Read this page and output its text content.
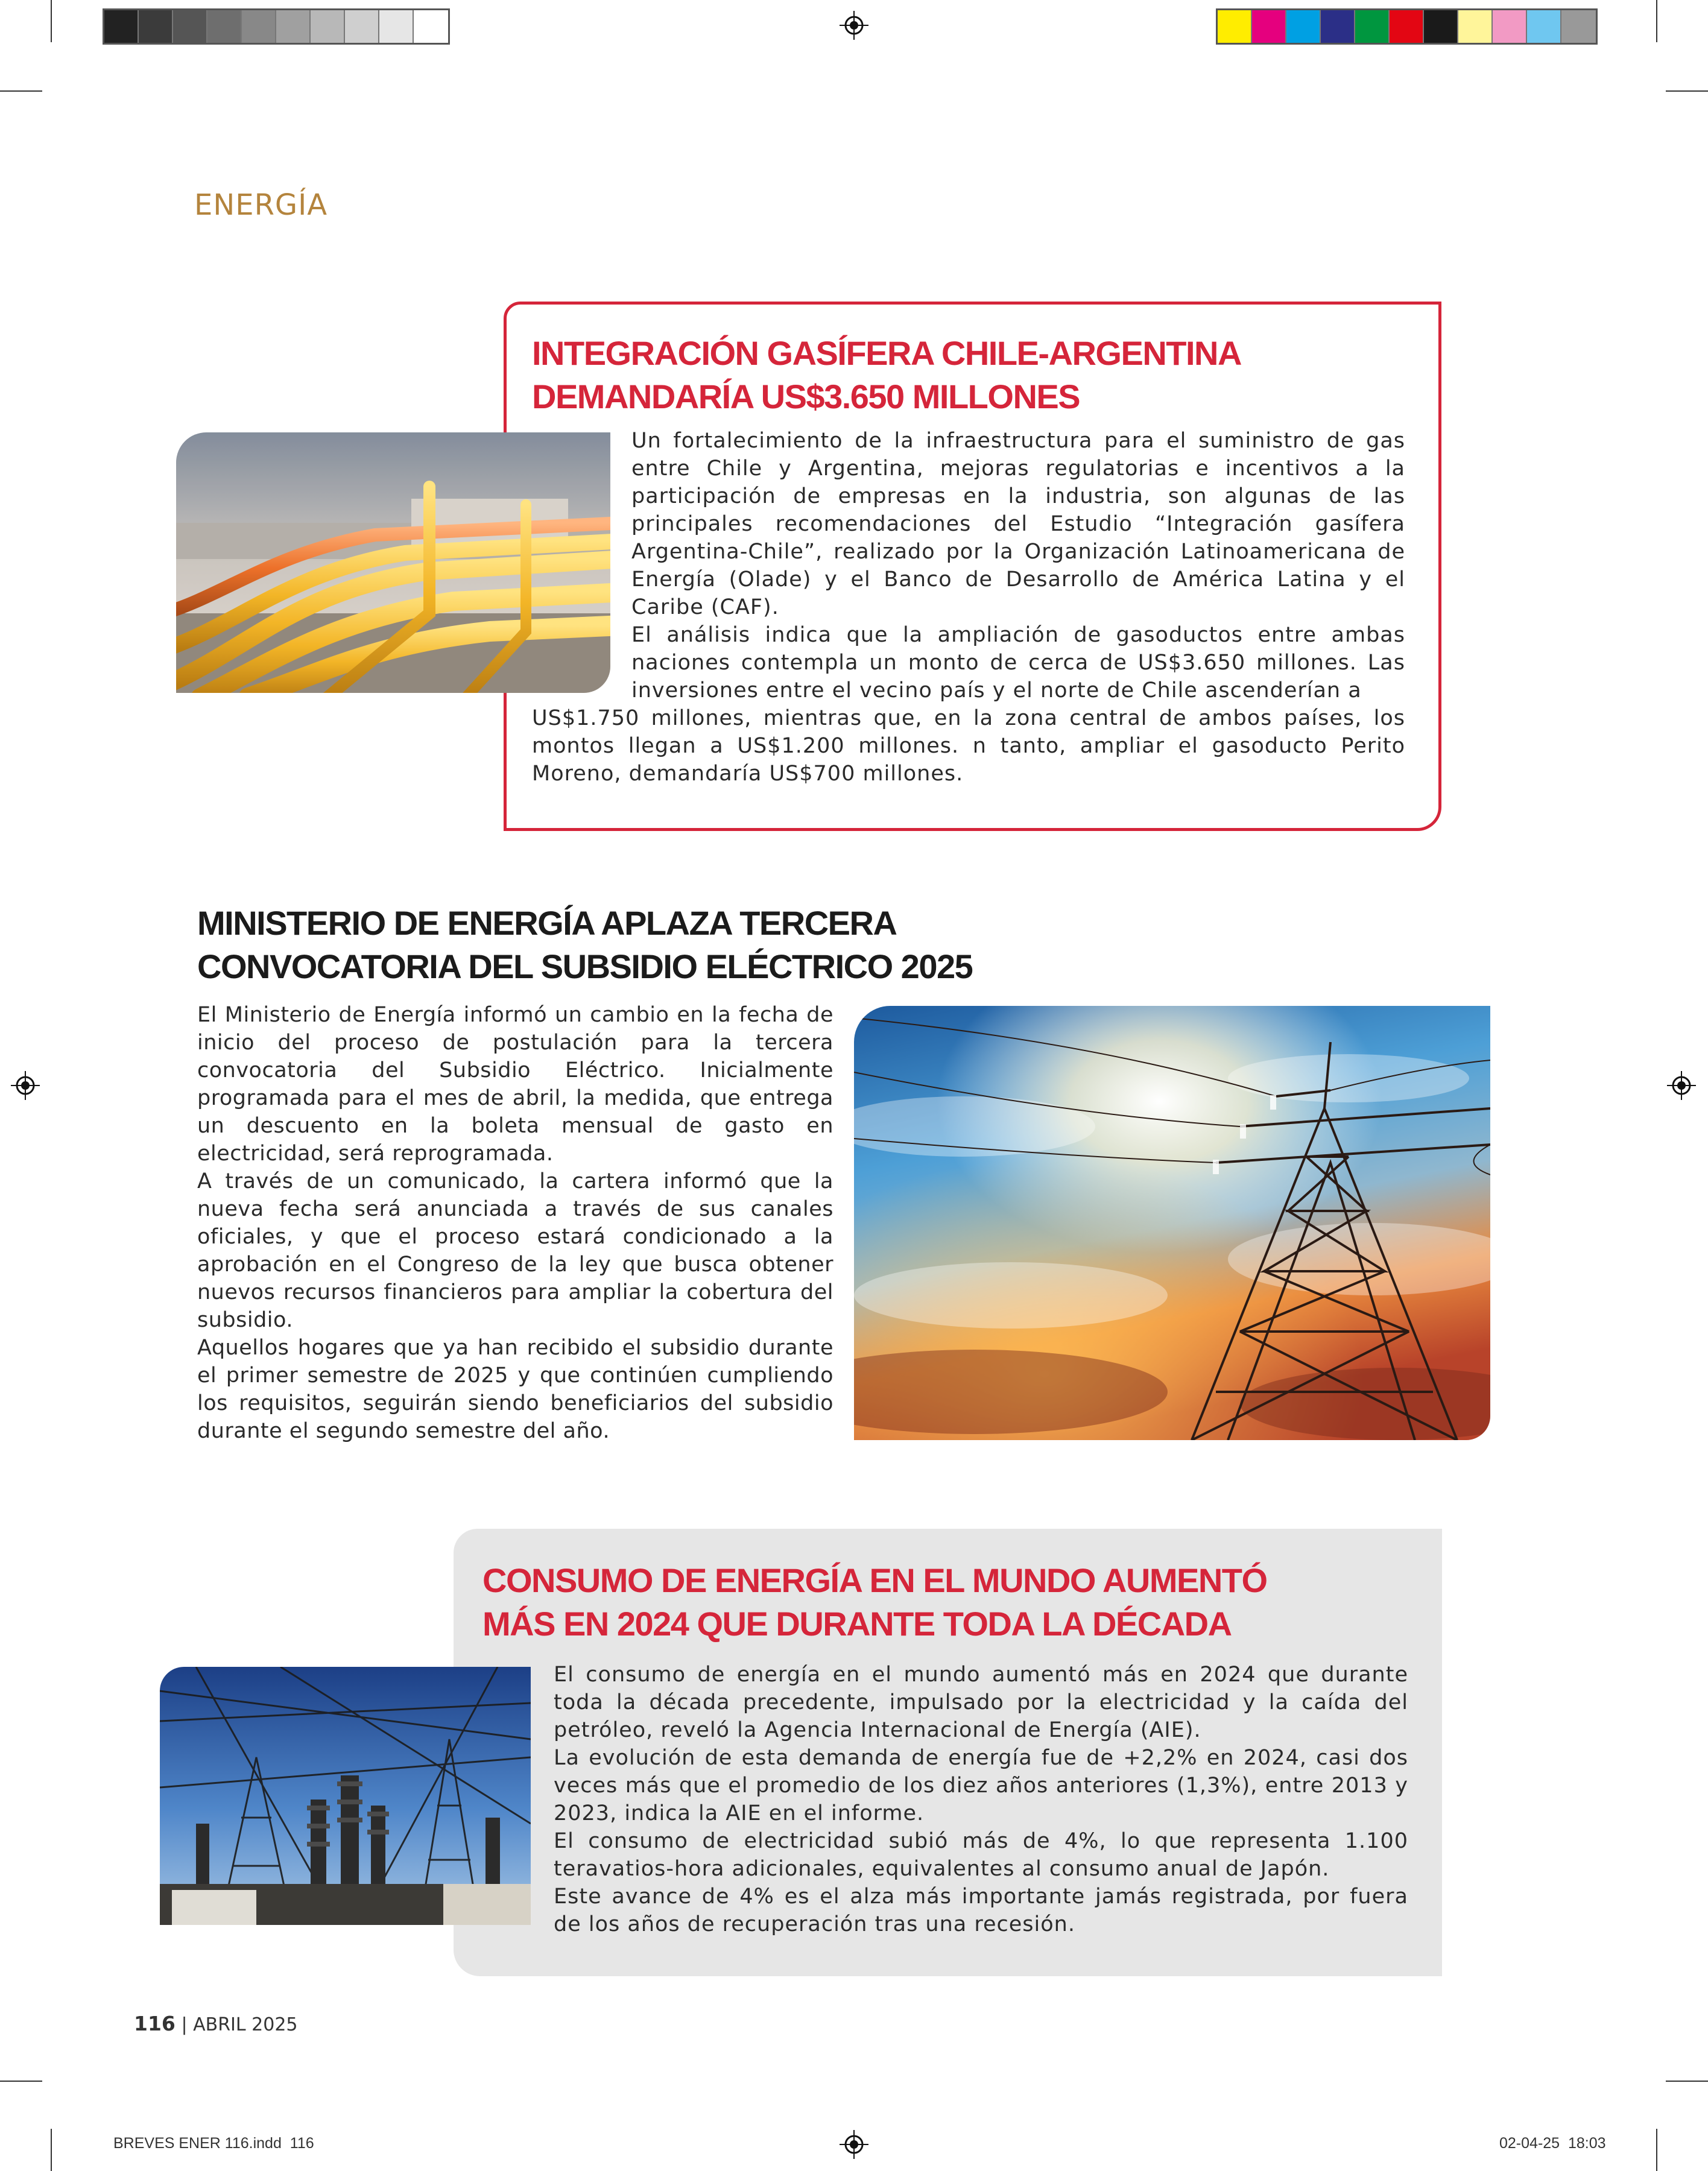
ENERGÍA
INTEGRACIÓN GASÍFERA CHILE-ARGENTINA
DEMANDARÍA US$3.650 MILLONES

Un fortalecimiento de la infraestructura para el suministro de gas entre Chile y Argentina, mejoras regulatorias e incentivos a la participación de empresas en la industria, son algunas de las principales recomendaciones del Estudio “Integración gasífera Argentina-Chile”, realizado por la Organización Latinoamericana de Energía (Olade) y el Banco de Desarrollo de América Latina y el Caribe (CAF).

El análisis indica que la ampliación de gasoductos entre ambas naciones contempla un monto de cerca de US$3.650 millones. Las inversiones entre el vecino país y el norte de Chile ascenderían a

US$1.750 millones, mientras que, en la zona central de ambos países, los montos llegan a US$1.200 millones. n tanto, ampliar el gasoducto Perito Moreno, demandaría US$700 millones.

MINISTERIO DE ENERGÍA APLAZA TERCERA
CONVOCATORIA DEL SUBSIDIO ELÉCTRICO 2025

El Ministerio de Energía informó un cambio en la fecha de inicio del proceso de postulación para la tercera convocatoria del Subsidio Eléctrico. Inicialmente programada para el mes de abril, la medida, que entrega un descuento en la boleta mensual de gasto en electricidad, será reprogramada.

A través de un comunicado, la cartera informó que la nueva fecha será anunciada a través de sus canales oficiales, y que el proceso estará condicionado a la aprobación en el Congreso de la ley que busca obtener nuevos recursos financieros para ampliar la cobertura del subsidio.

Aquellos hogares que ya han recibido el subsidio durante el primer semestre de 2025 y que continúen cumpliendo los requisitos, seguirán siendo beneficiarios del subsidio durante el segundo semestre del año.

CONSUMO DE ENERGÍA EN EL MUNDO AUMENTÓ
MÁS EN 2024 QUE DURANTE TODA LA DÉCADA

El consumo de energía en el mundo aumentó más en 2024 que durante toda la década precedente, impulsado por la electricidad y la caída del petróleo, reveló la Agencia Internacional de Energía (AIE).

La evolución de esta demanda de energía fue de +2,2% en 2024, casi dos veces más que el promedio de los diez años anteriores (1,3%), entre 2013 y 2023, indica la AIE en el informe.

El consumo de electricidad subió más de 4%, lo que representa 1.100 teravatios-hora adicionales, equivalentes al consumo anual de Japón.

Este avance de 4% es el alza más importante jamás registrada, por fuera de los años de recuperación tras una recesión.

116 | ABRIL 2025
BREVES ENER 116.indd 116	02-04-25 18:03
